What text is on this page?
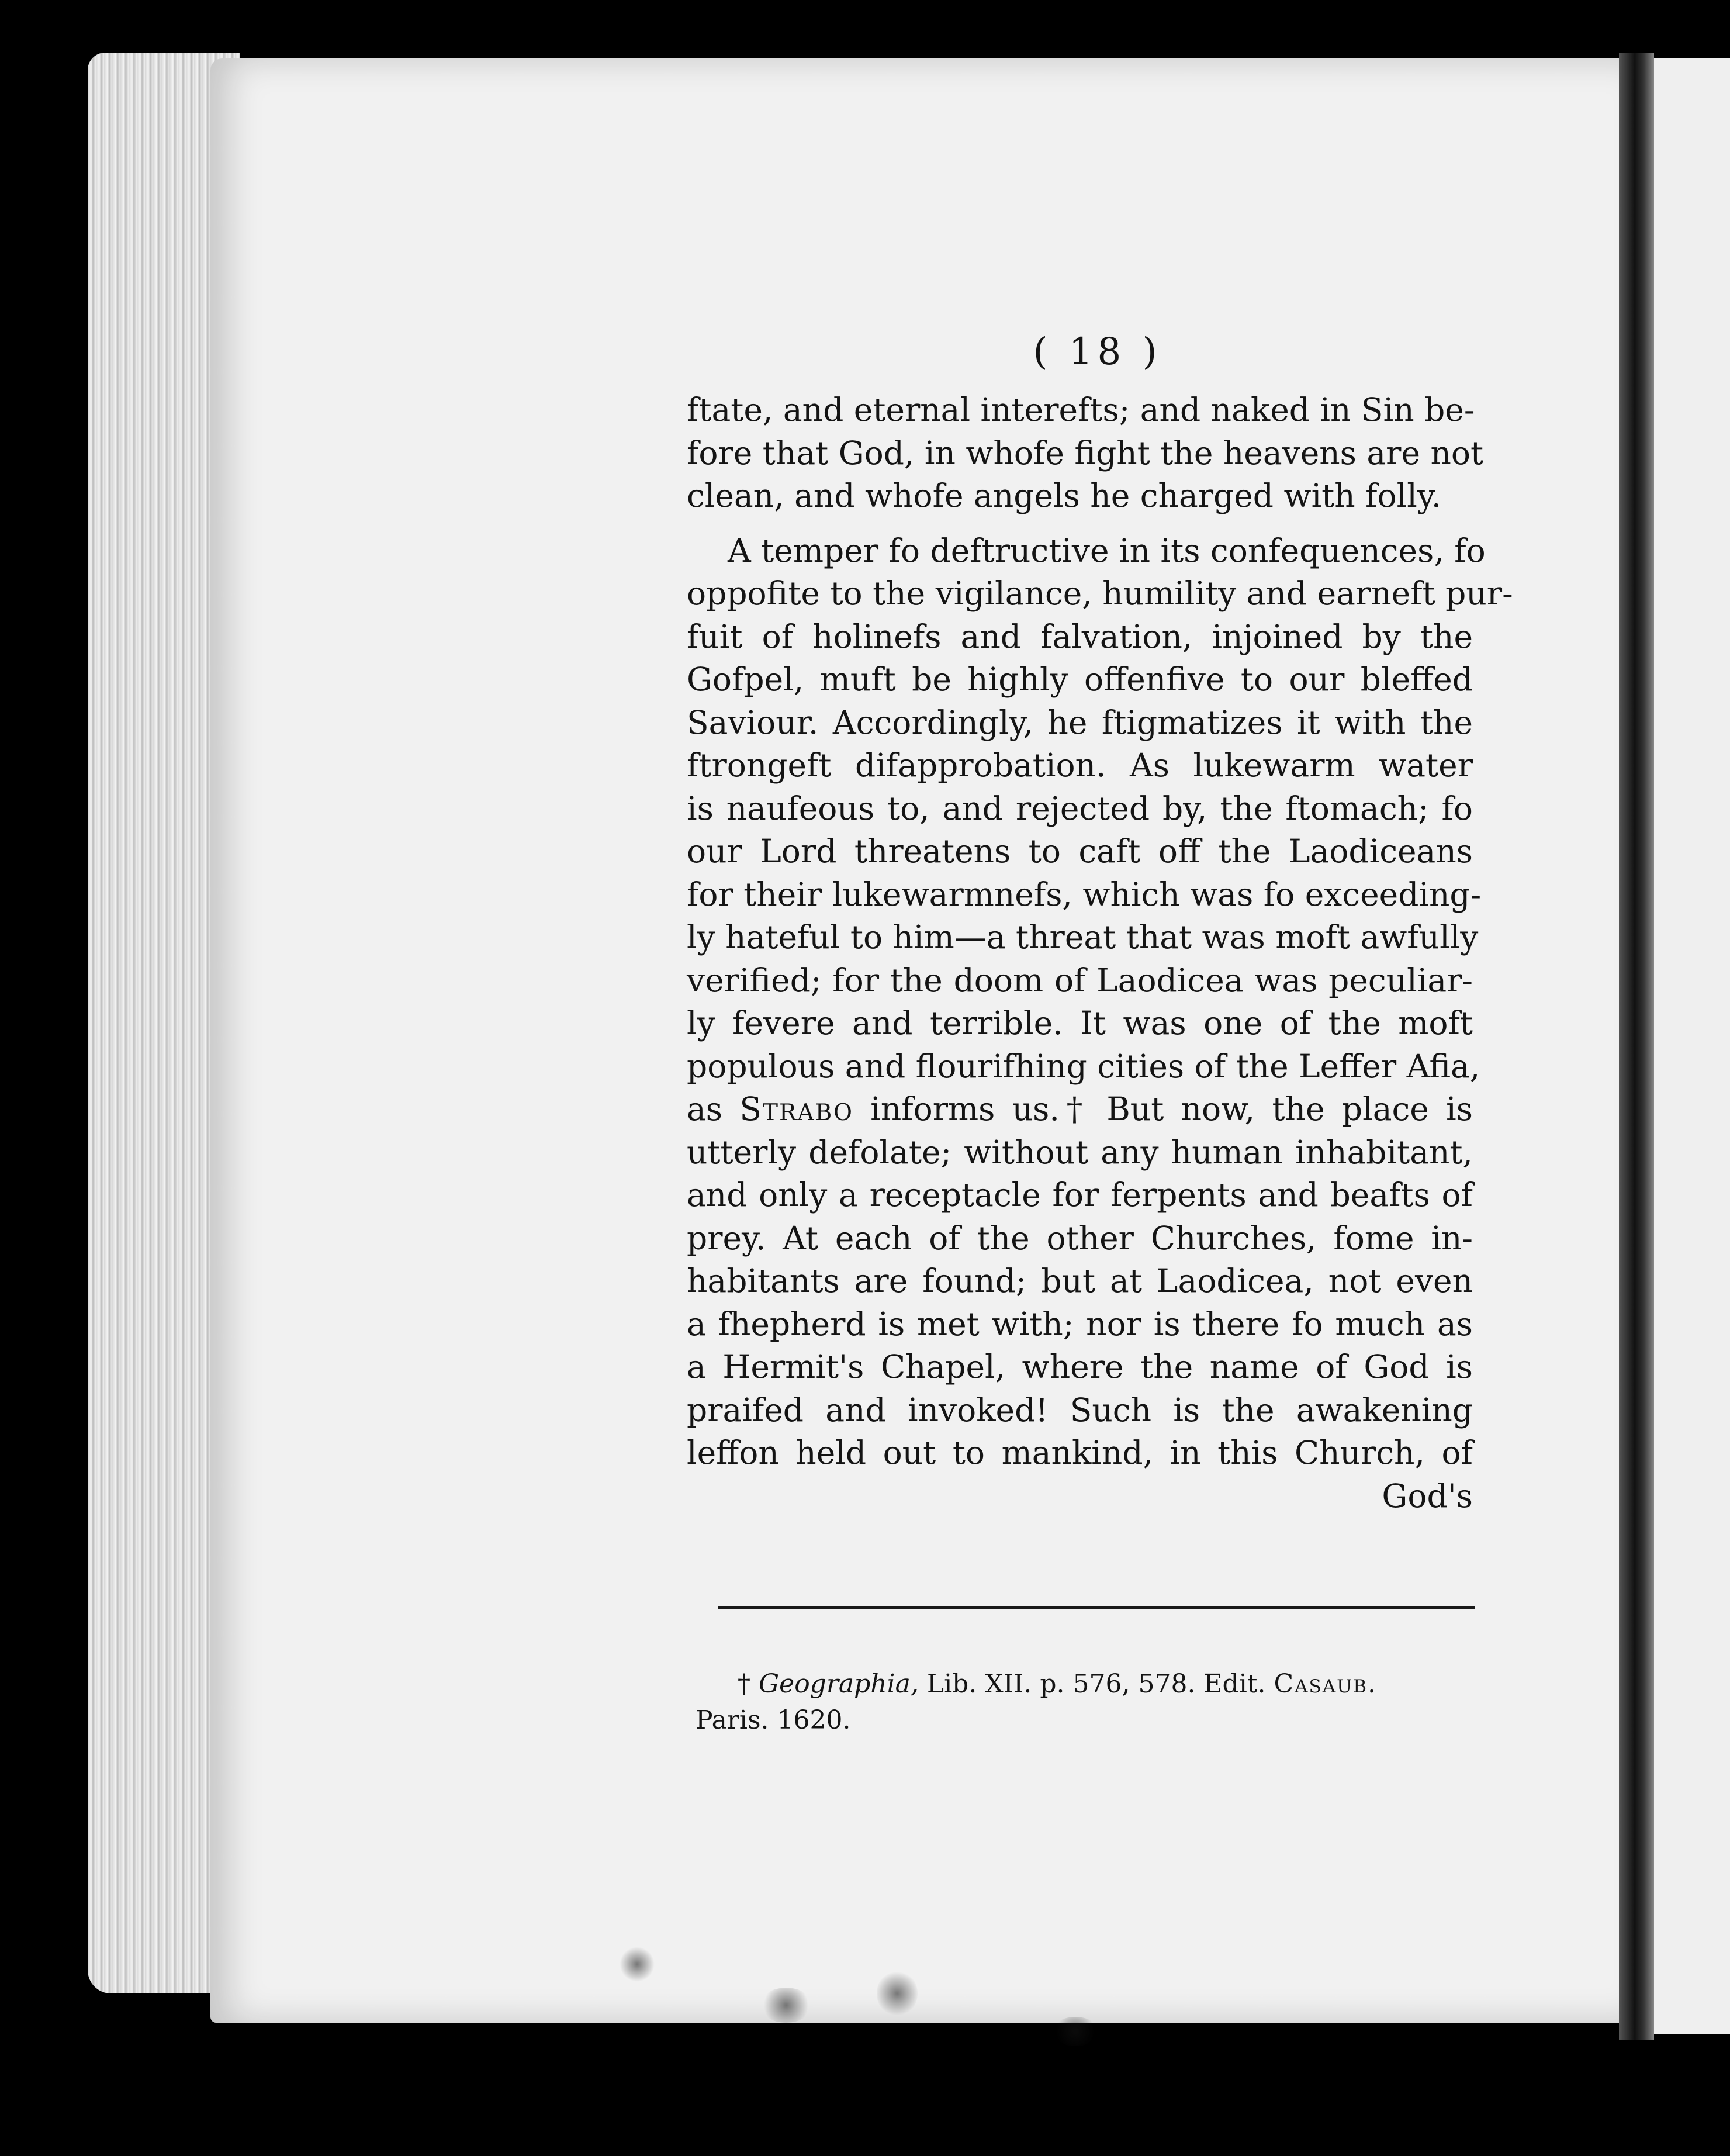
( 18 )
ftate, and eternal interefts; and naked in Sin be-
fore that God, in whofe fight the heavens are not
clean, and whofe angels he charged with folly.
A temper fo deftructive in its confequences, fo
oppofite to the vigilance, humility and earneft pur-
fuit of holinefs and falvation, injoined by the
Gofpel, muft be highly offenfive to our bleffed
Saviour. Accordingly, he ftigmatizes it with the
ftrongeft difapprobation. As lukewarm water
is naufeous to, and rejected by, the ftomach; fo
our Lord threatens to caft off the Laodiceans
for their lukewarmnefs, which was fo exceeding-
ly hateful to him—a threat that was moft awfully
verified; for the doom of Laodicea was peculiar-
ly fevere and terrible. It was one of the moft
populous and flourifhing cities of the Leffer Afia,
as Strabo informs us.† But now, the place is
utterly defolate; without any human inhabitant,
and only a receptacle for ferpents and beafts of
prey. At each of the other Churches, fome in-
habitants are found; but at Laodicea, not even
a fhepherd is met with; nor is there fo much as
a Hermit's Chapel, where the name of God is
praifed and invoked! Such is the awakening
leffon held out to mankind, in this Church, of
God's
† Geographia, Lib. XII. p. 576, 578. Edit. Casaub.
Paris. 1620.
